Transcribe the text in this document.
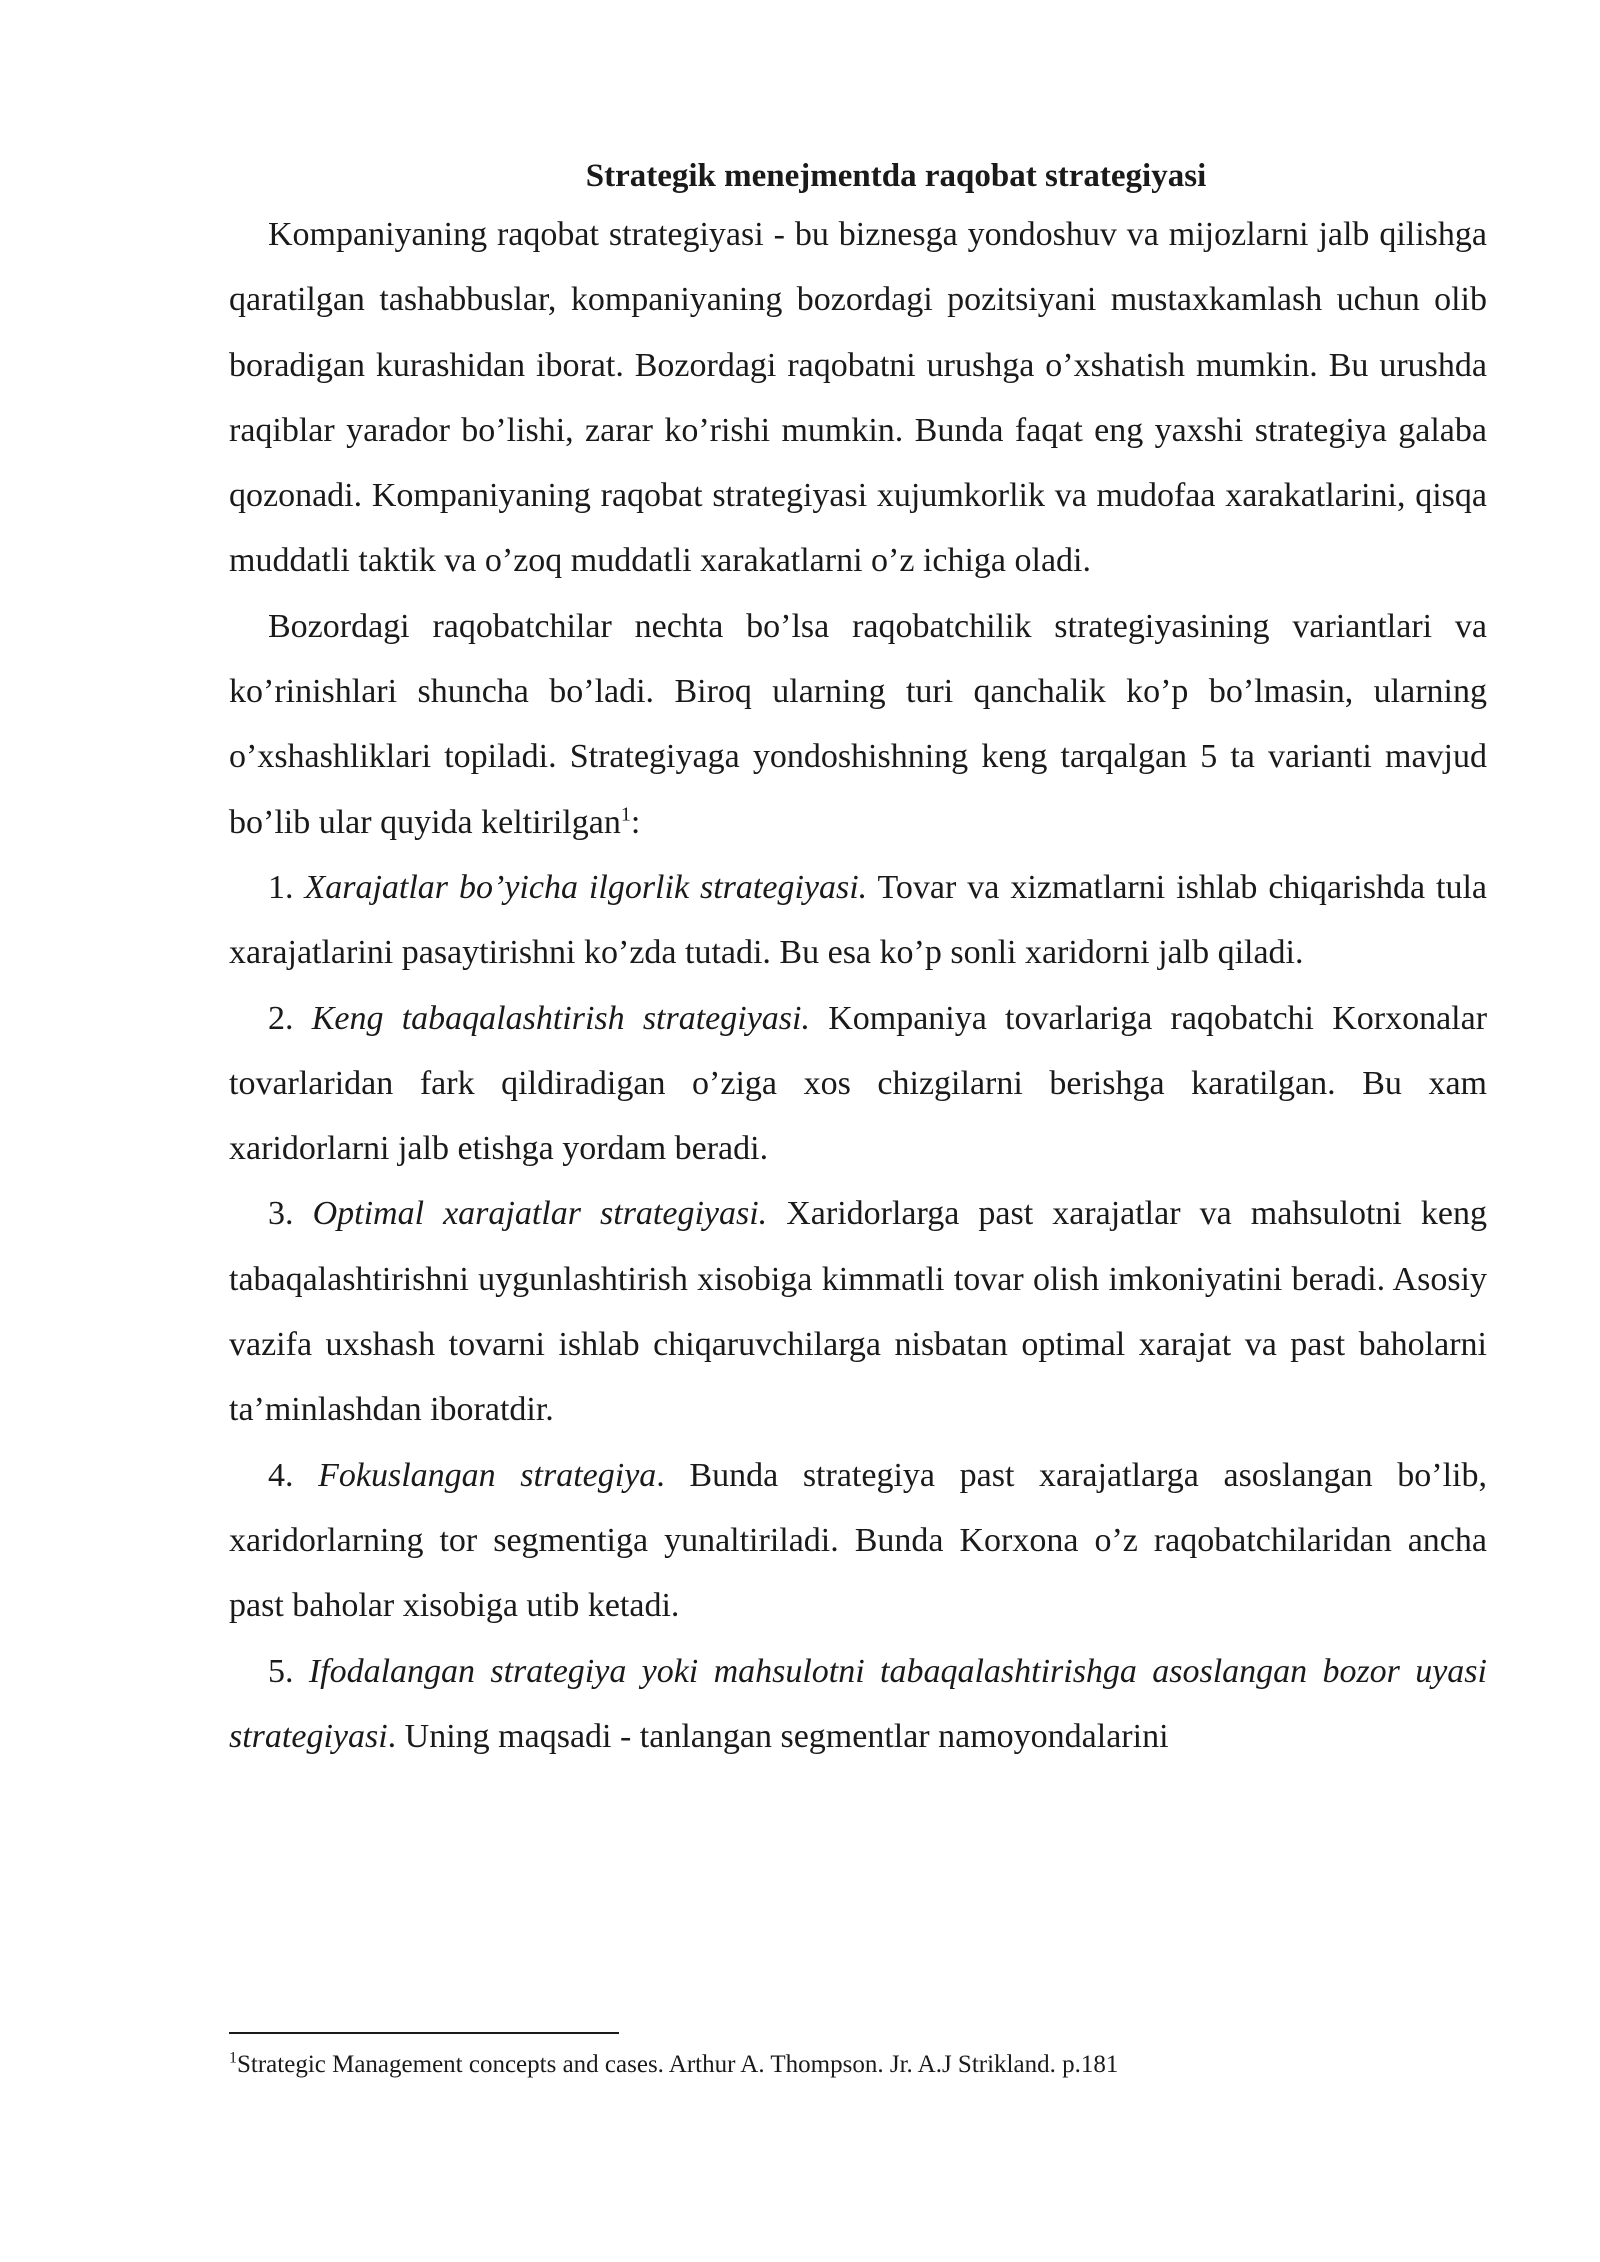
Strategik menejmentda raqobat strategiyasi

Kompaniyaning raqobat strategiyasi - bu biznesga yondoshuv va mijozlarni jalb qilishga qaratilgan tashabbuslar, kompaniyaning bozordagi pozitsiyani mustaxkamlash uchun olib boradigan kurashidan iborat. Bozordagi raqobatni urushga o’xshatish mumkin. Bu urushda raqiblar yarador bo’lishi, zarar ko’rishi mumkin. Bunda faqat eng yaxshi strategiya galaba qozonadi. Kompaniyaning raqobat strategiyasi xujumkorlik va mudofaa xarakatlarini, qisqa muddatli taktik va o’zoq muddatli xarakatlarni o’z ichiga oladi.

Bozordagi raqobatchilar nechta bo’lsa raqobatchilik strategiyasining variantlari va ko’rinishlari shuncha bo’ladi. Biroq ularning turi qanchalik ko’p bo’lmasin, ularning o’xshashliklari topiladi. Strategiyaga yondoshishning keng tarqalgan 5 ta varianti mavjud bo’lib ular quyida keltirilgan$^1$:

1. Xarajatlar bo’yicha ilgorlik strategiyasi. Tovar va xizmatlarni ishlab chiqarishda tula xarajatlarini pasaytirishni ko’zda tutadi. Bu esa ko’p sonli xaridorni jalb qiladi.

2. Keng tabaqalashtirish strategiyasi. Kompaniya tovarlariga raqobatchi Korxonalar tovarlaridan fark qildiradigan o’ziga xos chizgilarni berishga karatilgan. Bu xam xaridorlarni jalb etishga yordam beradi.

3. Optimal xarajatlar strategiyasi. Xaridorlarga past xarajatlar va mahsulotni keng tabaqalashtirishni uygunlashtirish xisobiga kimmatli tovar olish imkoniyatini beradi. Asosiy vazifa uxshash tovarni ishlab chiqaruvchilarga nisbatan optimal xarajat va past baholarni ta’minlashdan iboratdir.

4. Fokuslangan strategiya. Bunda strategiya past xarajatlarga asoslangan bo’lib, xaridorlarning tor segmentiga yunaltiriladi. Bunda Korxona o’z raqobatchilaridan ancha past baholar xisobiga utib ketadi.

5. Ifodalangan strategiya yoki mahsulotni tabaqalashtirishga asoslangan bozor uyasi strategiyasi. Uning maqsadi - tanlangan segmentlar namoyondalarini

$^1$Strategic Management concepts and cases. Arthur A. Thompson. Jr. A.J Strikland. p.181
